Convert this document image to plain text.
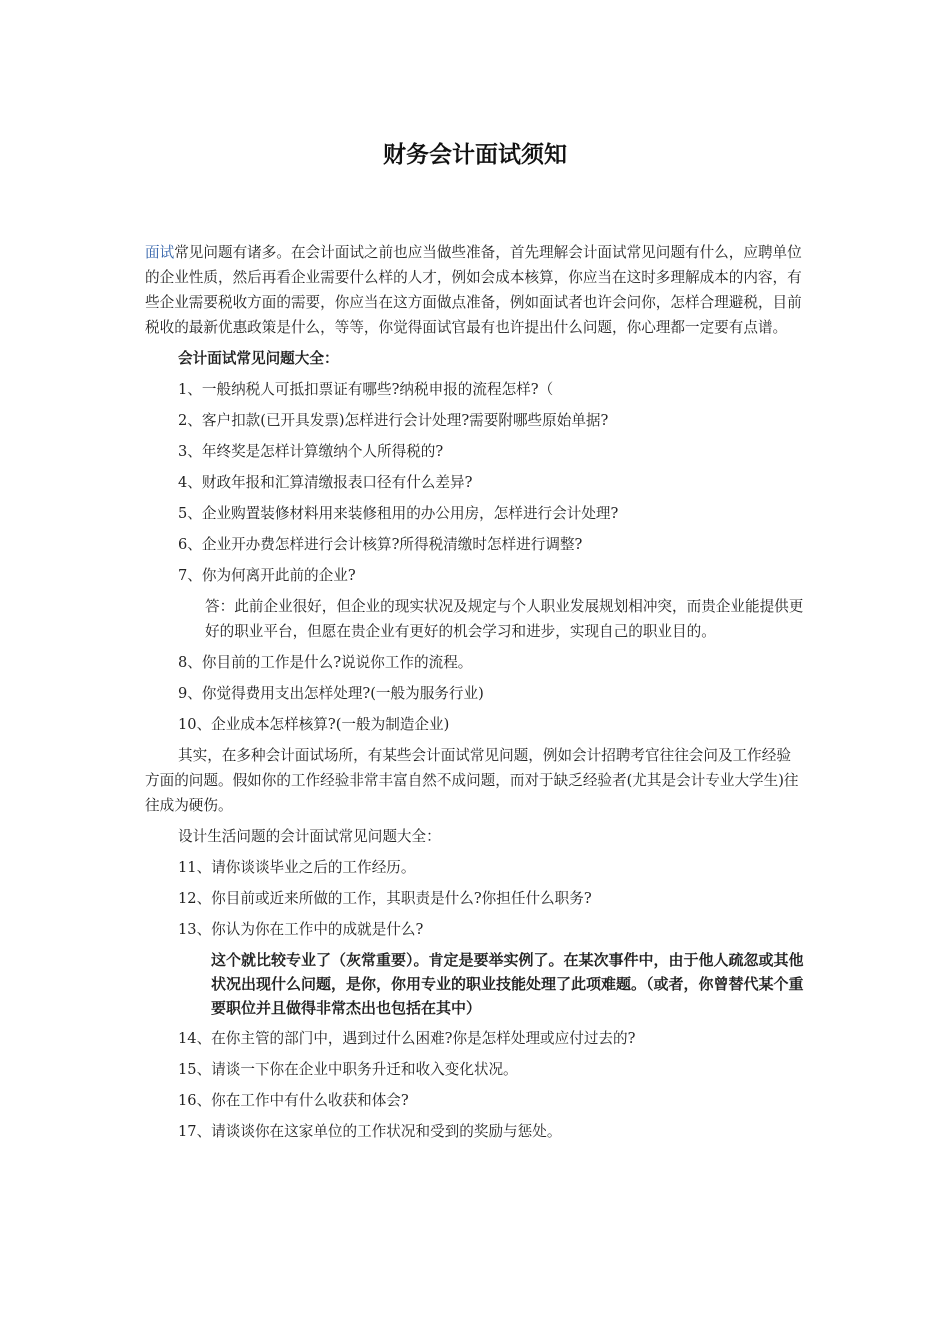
财务会计面试须知

面试常见问题有诸多。在会计面试之前也应当做些准备，首先理解会计面试常见问题有什么，应聘单位的企业性质，然后再看企业需要什么样的人才，例如会成本核算，你应当在这时多理解成本的内容，有些企业需要税收方面的需要，你应当在这方面做点准备，例如面试者也许会问你，怎样合理避税，目前税收的最新优惠政策是什么，等等，你觉得面试官最有也许提出什么问题，你心理都一定要有点谱。

会计面试常见问题大全：

1、一般纳税人可抵扣票证有哪些?纳税申报的流程怎样?（

2、客户扣款(已开具发票)怎样进行会计处理?需要附哪些原始单据?

3、年终奖是怎样计算缴纳个人所得税的?

4、财政年报和汇算清缴报表口径有什么差异?

5、企业购置装修材料用来装修租用的办公用房，怎样进行会计处理?

6、企业开办费怎样进行会计核算?所得税清缴时怎样进行调整?

7、你为何离开此前的企业?

答：此前企业很好，但企业的现实状况及规定与个人职业发展规划相冲突，而贵企业能提供更好的职业平台，但愿在贵企业有更好的机会学习和进步，实现自己的职业目的。

8、你目前的工作是什么?说说你工作的流程。

9、你觉得费用支出怎样处理?(一般为服务行业)

10、企业成本怎样核算?(一般为制造企业)

其实，在多种会计面试场所，有某些会计面试常见问题，例如会计招聘考官往往会问及工作经验方面的问题。假如你的工作经验非常丰富自然不成问题，而对于缺乏经验者(尤其是会计专业大学生)往往成为硬伤。

设计生活问题的会计面试常见问题大全：

11、请你谈谈毕业之后的工作经历。

12、你目前或近来所做的工作，其职责是什么?你担任什么职务?

13、你认为你在工作中的成就是什么?

这个就比较专业了（灰常重要）。肯定是要举实例了。在某次事件中，由于他人疏忽或其他状况出现什么问题，是你，你用专业的职业技能处理了此项难题。（或者，你曾替代某个重要职位并且做得非常杰出也包括在其中）

14、在你主管的部门中，遇到过什么困难?你是怎样处理或应付过去的?

15、请谈一下你在企业中职务升迁和收入变化状况。

16、你在工作中有什么收获和体会?

17、请谈谈你在这家单位的工作状况和受到的奖励与惩处。
